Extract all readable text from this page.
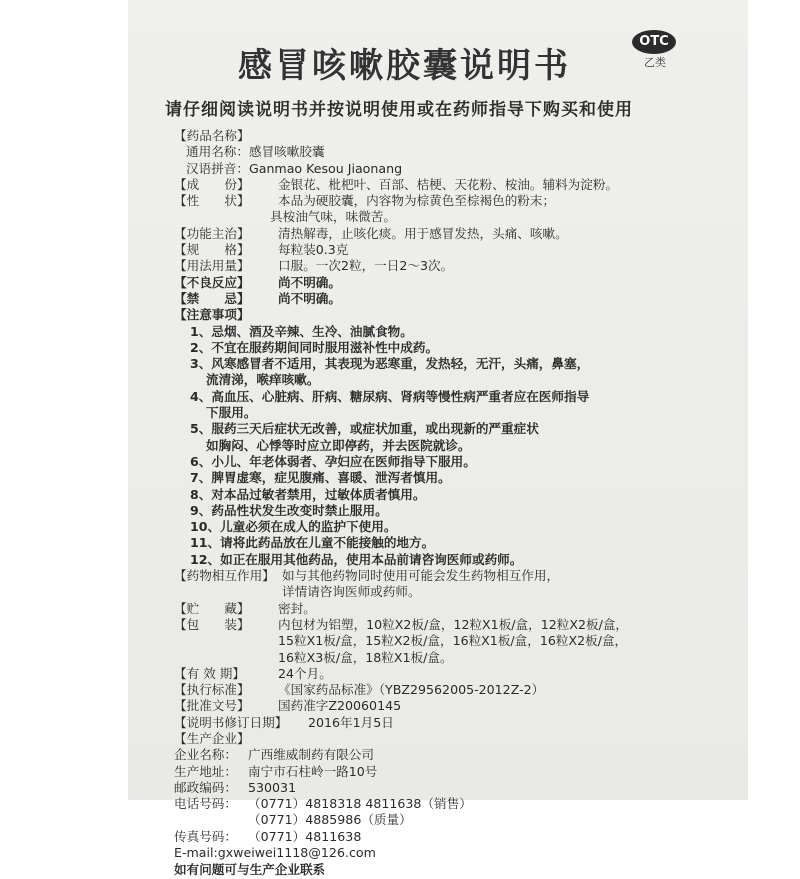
感冒咳嗽胶囊说明书
OTC
乙类
请仔细阅读说明书并按说明使用或在药师指导下购买和使用
【药品名称】
通用名称： 感冒咳嗽胶囊
汉语拼音： Ganmao Kesou Jiaonang
【成　　份】	金银花、枇杷叶、百部、桔梗、天花粉、桉油。辅料为淀粉。
【性　　状】	本品为硬胶囊，内容物为棕黄色至棕褐色的粉末；
具桉油气味，味微苦。
【功能主治】	清热解毒，止咳化痰。用于感冒发热，头痛、咳嗽。
【规　　格】	每粒装0.3克
【用法用量】	口服。一次2粒，一日2～3次。
【不良反应】	尚不明确。
【禁　　忌】	尚不明确。
【注意事项】
1、忌烟、酒及辛辣、生冷、油腻食物。
2、不宜在服药期间同时服用滋补性中成药。
3、风寒感冒者不适用，其表现为恶寒重，发热轻，无汗，头痛，鼻塞，
流清涕，喉痒咳嗽。
4、高血压、心脏病、肝病、糖尿病、肾病等慢性病严重者应在医师指导
下服用。
5、服药三天后症状无改善，或症状加重，或出现新的严重症状
如胸闷、心悸等时应立即停药，并去医院就诊。
6、小儿、年老体弱者、孕妇应在医师指导下服用。
7、脾胃虚寒，症见腹痛、喜暖、泄泻者慎用。
8、对本品过敏者禁用，过敏体质者慎用。
9、药品性状发生改变时禁止服用。
10、儿童必须在成人的监护下使用。
11、请将此药品放在儿童不能接触的地方。
12、如正在服用其他药品，使用本品前请咨询医师或药师。
【药物相互作用】 如与其他药物同时使用可能会发生药物相互作用，
详情请咨询医师或药师。
【贮　　藏】	密封。
【包　　装】	内包材为铝塑，10粒X2板/盒，12粒X1板/盒，12粒X2板/盒，
15粒X1板/盒，15粒X2板/盒，16粒X1板/盒，16粒X2板/盒，
16粒X3板/盒，18粒X1板/盒。
【有 效 期】	24个月。
【执行标准】	《国家药品标准》（YBZ29562005-2012Z-2）
【批准文号】	国药准字Z20060145
【说明书修订日期】	2016年1月5日
【生产企业】
企业名称： 广西维威制药有限公司
生产地址： 南宁市石柱岭一路10号
邮政编码： 530031
电话号码： （0771）4818318 4811638（销售）
（0771）4885986（质量）
传真号码： （0771）4811638
E-mail:gxweiwei1118@126.com
如有问题可与生产企业联系
